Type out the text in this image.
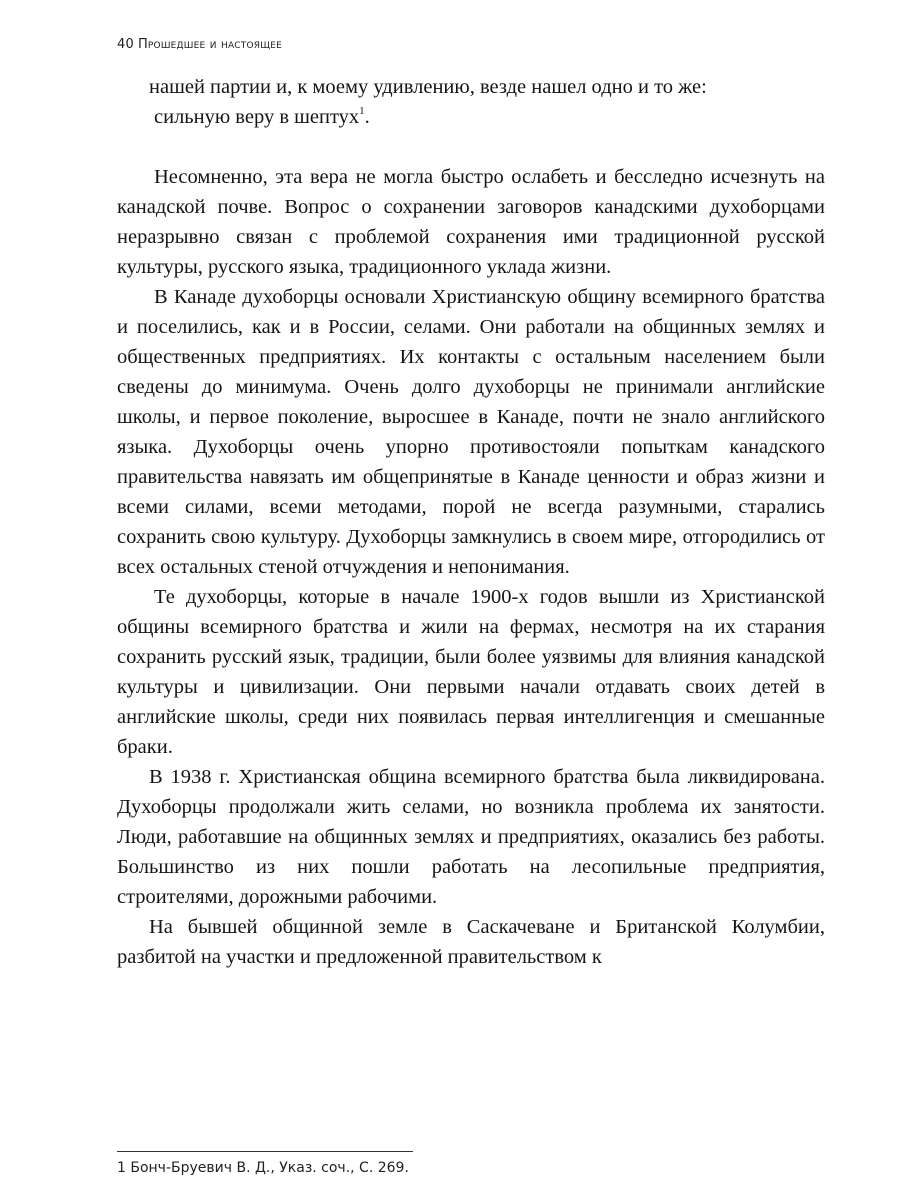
40 Прошедшее и настоящее
нашей партии и, к моему удивлению, везде нашел одно и то же:
сильную веру в шептух$^1$.

Несомненно, эта вера не могла быстро ослабеть и бесследно исчезнуть на канадской почве. Вопрос о сохранении заговоров канадскими духоборцами неразрывно связан с проблемой сохранения ими традиционной русской культуры, русского языка, традиционного уклада жизни.

В Канаде духоборцы основали Христианскую общину всемирного братства и поселились, как и в России, селами. Они работали на общинных землях и общественных предприятиях. Их контакты с остальным населением были сведены до минимума. Очень долго духоборцы не принимали английские школы, и первое поколение, выросшее в Канаде, почти не знало английского языка. Духоборцы очень упорно противостояли попыткам канадского правительства навязать им общепринятые в Канаде ценности и образ жизни и всеми силами, всеми методами, порой не всегда разумными, старались сохранить свою культуру. Духоборцы замкнулись в своем мире, отгородились от всех остальных стеной отчуждения и непонимания.

Те духоборцы, которые в начале 1900-х годов вышли из Христианской общины всемирного братства и жили на фермах, несмотря на их старания сохранить русский язык, традиции, были более уязвимы для влияния канадской культуры и цивилизации. Они первыми начали отдавать своих детей в английские школы, среди них появилась первая интеллигенция и смешанные браки.

В 1938 г. Христианская община всемирного братства была ликвидирована. Духоборцы продолжали жить селами, но возникла проблема их занятости. Люди, работавшие на общинных землях и предприятиях, оказались без работы. Большинство из них пошли работать на лесопильные предприятия, строителями, дорожными рабочими.

На бывшей общинной земле в Саскачеване и Британской Колумбии, разбитой на участки и предложенной правительством к

1 Бонч-Бруевич В. Д., Указ. соч., С. 269.
